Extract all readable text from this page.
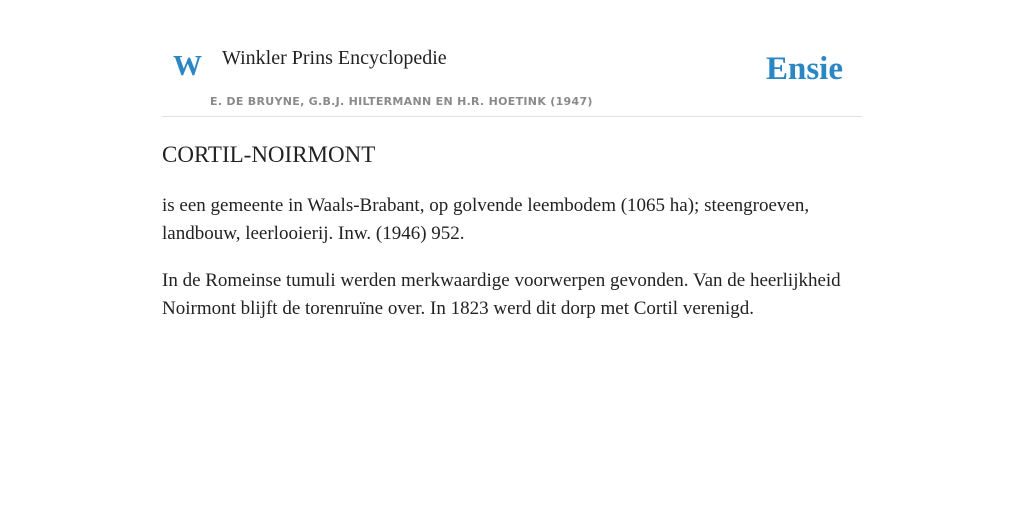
W Winkler Prins Encyclopedie
E. DE BRUYNE, G.B.J. HILTERMANN EN H.R. HOETINK (1947)
Ensie
CORTIL-NOIRMONT

is een gemeente in Waals-Brabant, op golvende leembodem (1065 ha); steengroeven, landbouw, leerlooierij. Inw. (1946) 952.

In de Romeinse tumuli werden merkwaardige voorwerpen gevonden. Van de heerlijkheid Noirmont blijft de torenruïne over. In 1823 werd dit dorp met Cortil verenigd.
